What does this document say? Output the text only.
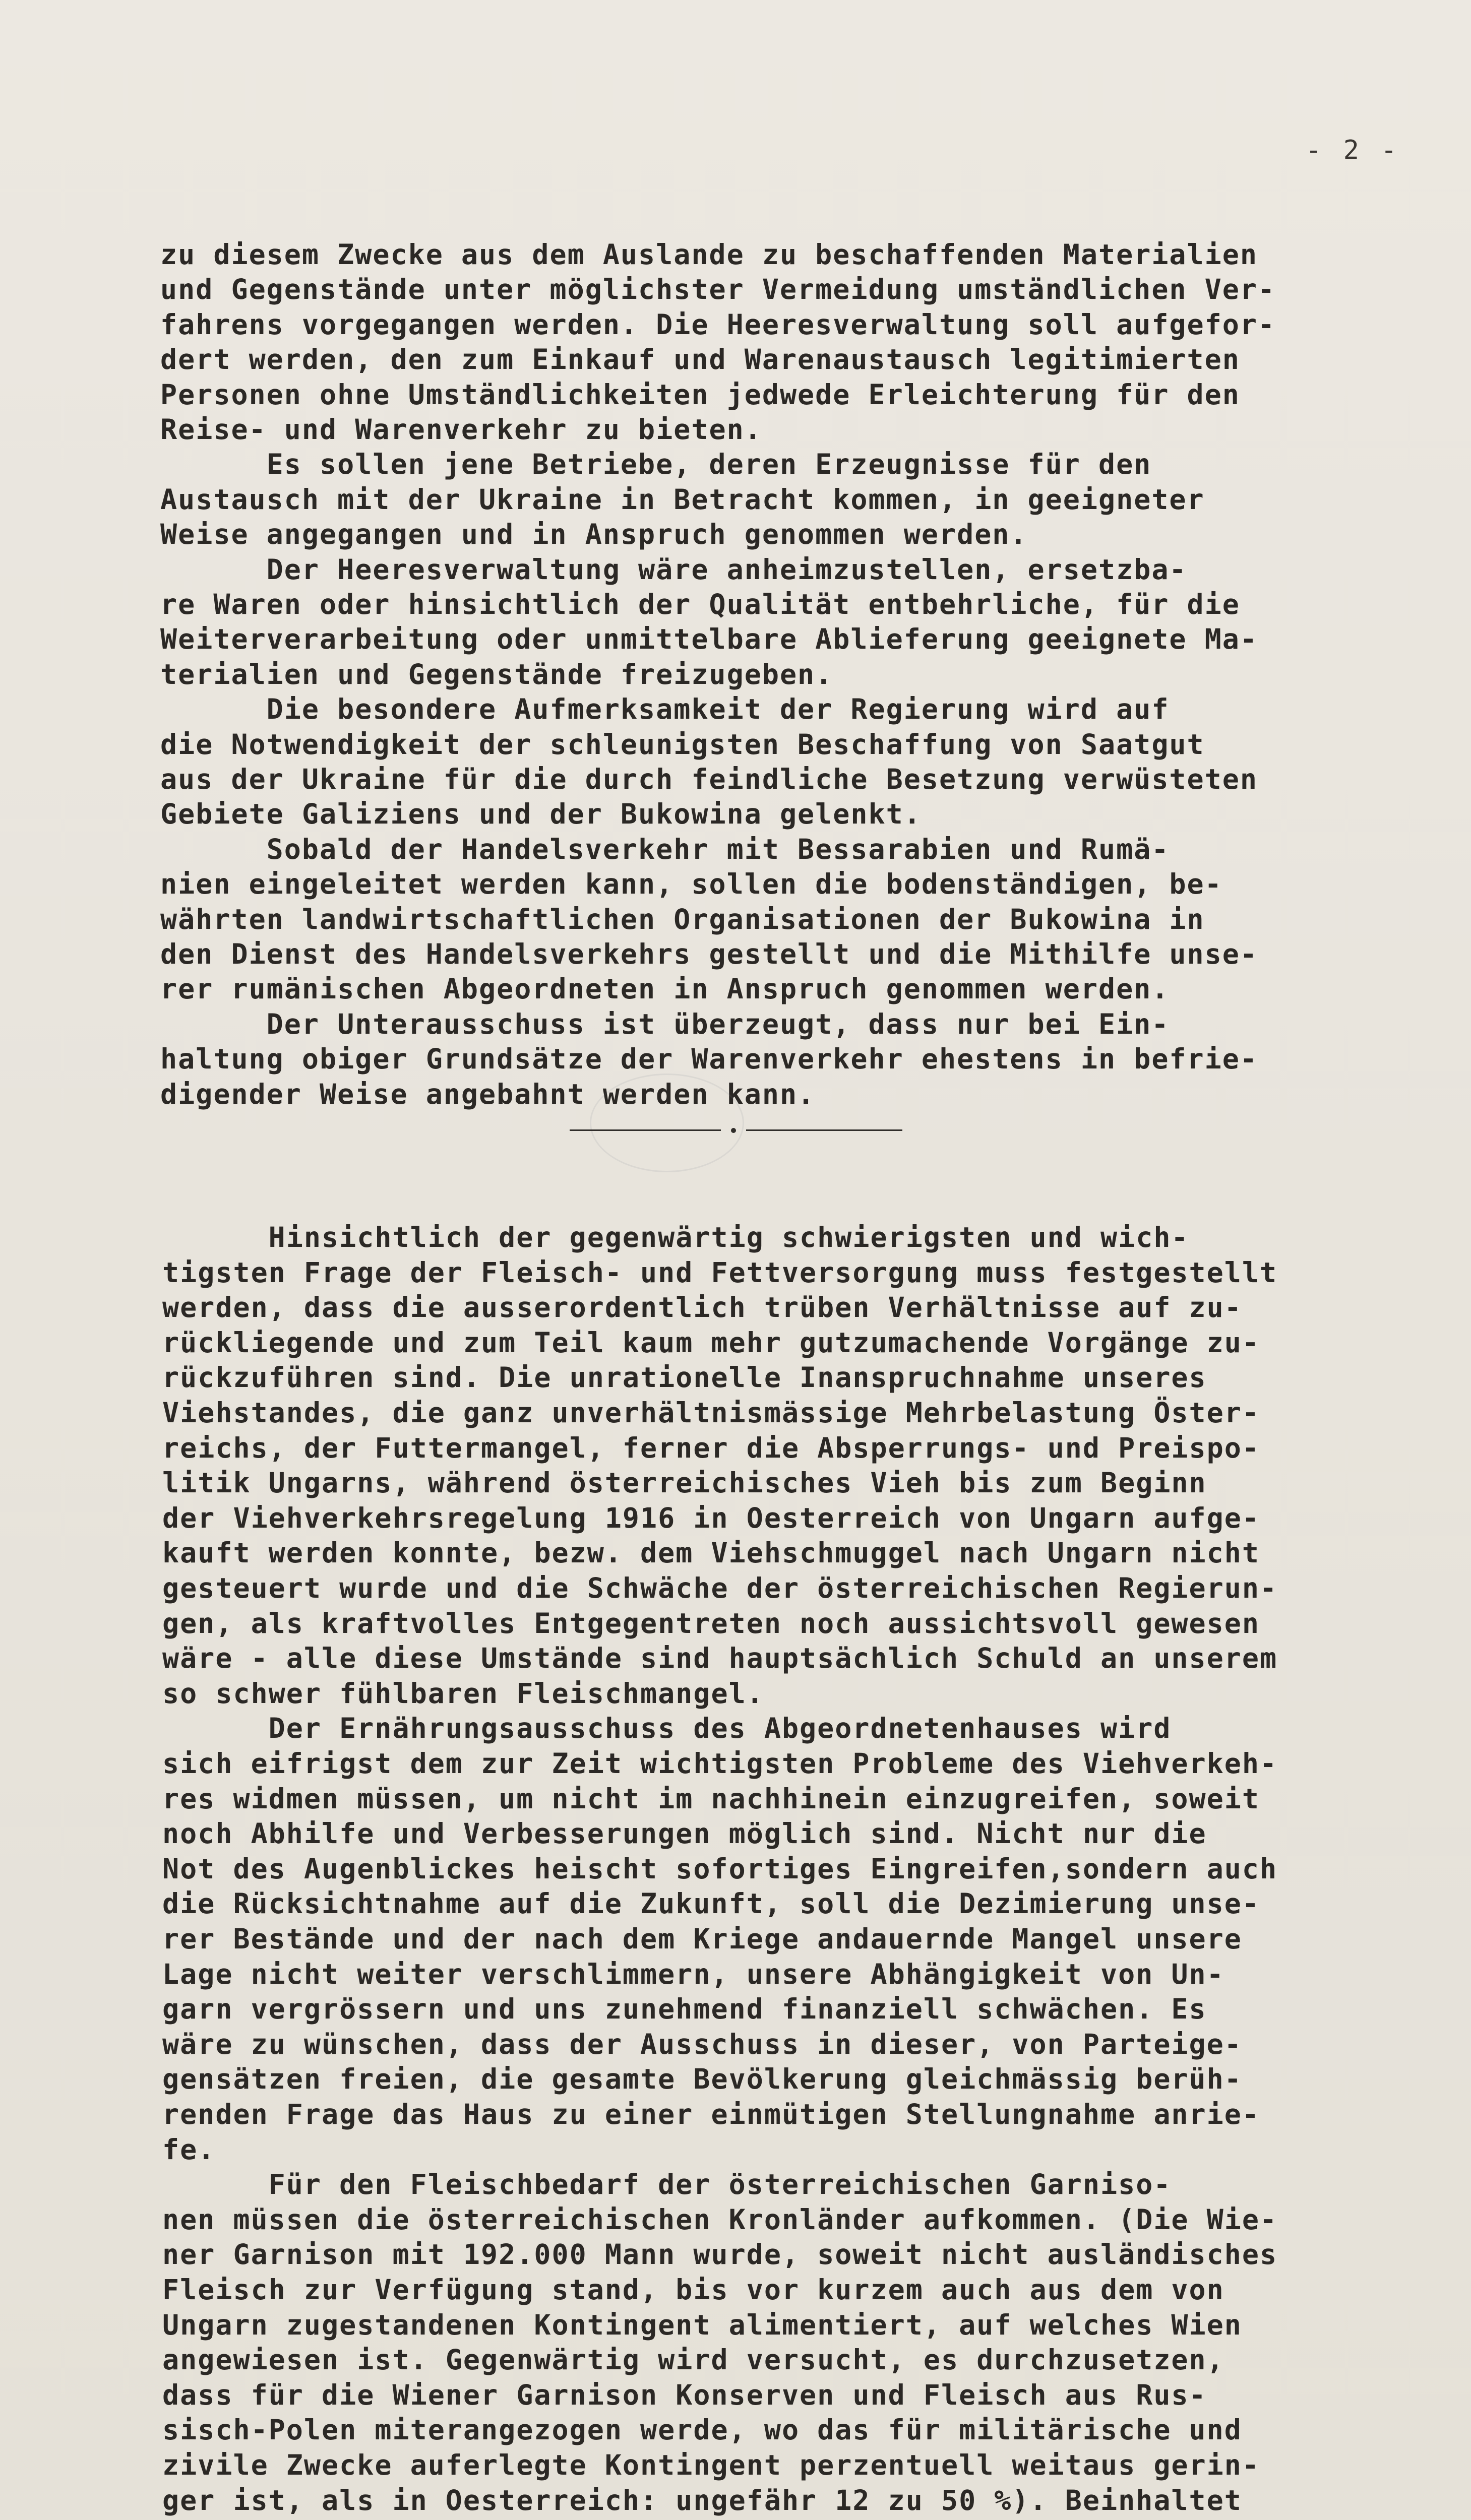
- 2 -
zu diesem Zwecke aus dem Auslande zu beschaffenden Materialien
und Gegenstände unter möglichster Vermeidung umständlichen Ver-
fahrens vorgegangen werden. Die Heeresverwaltung soll aufgefor-
dert werden, den zum Einkauf und Warenaustausch legitimierten
Personen ohne Umständlichkeiten jedwede Erleichterung für den
Reise- und Warenverkehr zu bieten.
Es sollen jene Betriebe, deren Erzeugnisse für den
Austausch mit der Ukraine in Betracht kommen, in geeigneter
Weise angegangen und in Anspruch genommen werden.
Der Heeresverwaltung wäre anheimzustellen, ersetzba-
re Waren oder hinsichtlich der Qualität entbehrliche, für die
Weiterverarbeitung oder unmittelbare Ablieferung geeignete Ma-
terialien und Gegenstände freizugeben.
Die besondere Aufmerksamkeit der Regierung wird auf
die Notwendigkeit der schleunigsten Beschaffung von Saatgut
aus der Ukraine für die durch feindliche Besetzung verwüsteten
Gebiete Galiziens und der Bukowina gelenkt.
Sobald der Handelsverkehr mit Bessarabien und Rumä-
nien eingeleitet werden kann, sollen die bodenständigen, be-
währten landwirtschaftlichen Organisationen der Bukowina in
den Dienst des Handelsverkehrs gestellt und die Mithilfe unse-
rer rumänischen Abgeordneten in Anspruch genommen werden.
Der Unterausschuss ist überzeugt, dass nur bei Ein-
haltung obiger Grundsätze der Warenverkehr ehestens in befrie-
digender Weise angebahnt werden kann.
Hinsichtlich der gegenwärtig schwierigsten und wich-
tigsten Frage der Fleisch- und Fettversorgung muss festgestellt
werden, dass die ausserordentlich trüben Verhältnisse auf zu-
rückliegende und zum Teil kaum mehr gutzumachende Vorgänge zu-
rückzuführen sind. Die unrationelle Inanspruchnahme unseres
Viehstandes, die ganz unverhältnismässige Mehrbelastung Öster-
reichs, der Futtermangel, ferner die Absperrungs- und Preispo-
litik Ungarns, während österreichisches Vieh bis zum Beginn
der Viehverkehrsregelung 1916 in Oesterreich von Ungarn aufge-
kauft werden konnte, bezw. dem Viehschmuggel nach Ungarn nicht
gesteuert wurde und die Schwäche der österreichischen Regierun-
gen, als kraftvolles Entgegentreten noch aussichtsvoll gewesen
wäre - alle diese Umstände sind hauptsächlich Schuld an unserem
so schwer fühlbaren Fleischmangel.
Der Ernährungsausschuss des Abgeordnetenhauses wird
sich eifrigst dem zur Zeit wichtigsten Probleme des Viehverkeh-
res widmen müssen, um nicht im nachhinein einzugreifen, soweit
noch Abhilfe und Verbesserungen möglich sind. Nicht nur die
Not des Augenblickes heischt sofortiges Eingreifen,sondern auch
die Rücksichtnahme auf die Zukunft, soll die Dezimierung unse-
rer Bestände und der nach dem Kriege andauernde Mangel unsere
Lage nicht weiter verschlimmern, unsere Abhängigkeit von Un-
garn vergrössern und uns zunehmend finanziell schwächen. Es
wäre zu wünschen, dass der Ausschuss in dieser, von Parteige-
gensätzen freien, die gesamte Bevölkerung gleichmässig berüh-
renden Frage das Haus zu einer einmütigen Stellungnahme anrie-
fe.
Für den Fleischbedarf der österreichischen Garniso-
nen müssen die österreichischen Kronländer aufkommen. (Die Wie-
ner Garnison mit 192.000 Mann wurde, soweit nicht ausländisches
Fleisch zur Verfügung stand, bis vor kurzem auch aus dem von
Ungarn zugestandenen Kontingent alimentiert, auf welches Wien
angewiesen ist. Gegenwärtig wird versucht, es durchzusetzen,
dass für die Wiener Garnison Konserven und Fleisch aus Rus-
sisch-Polen miterangezogen werde, wo das für militärische und
zivile Zwecke auferlegte Kontingent perzentuell weitaus gerin-
ger ist, als in Oesterreich: ungefähr 12 zu 50 %). Beinhaltet
